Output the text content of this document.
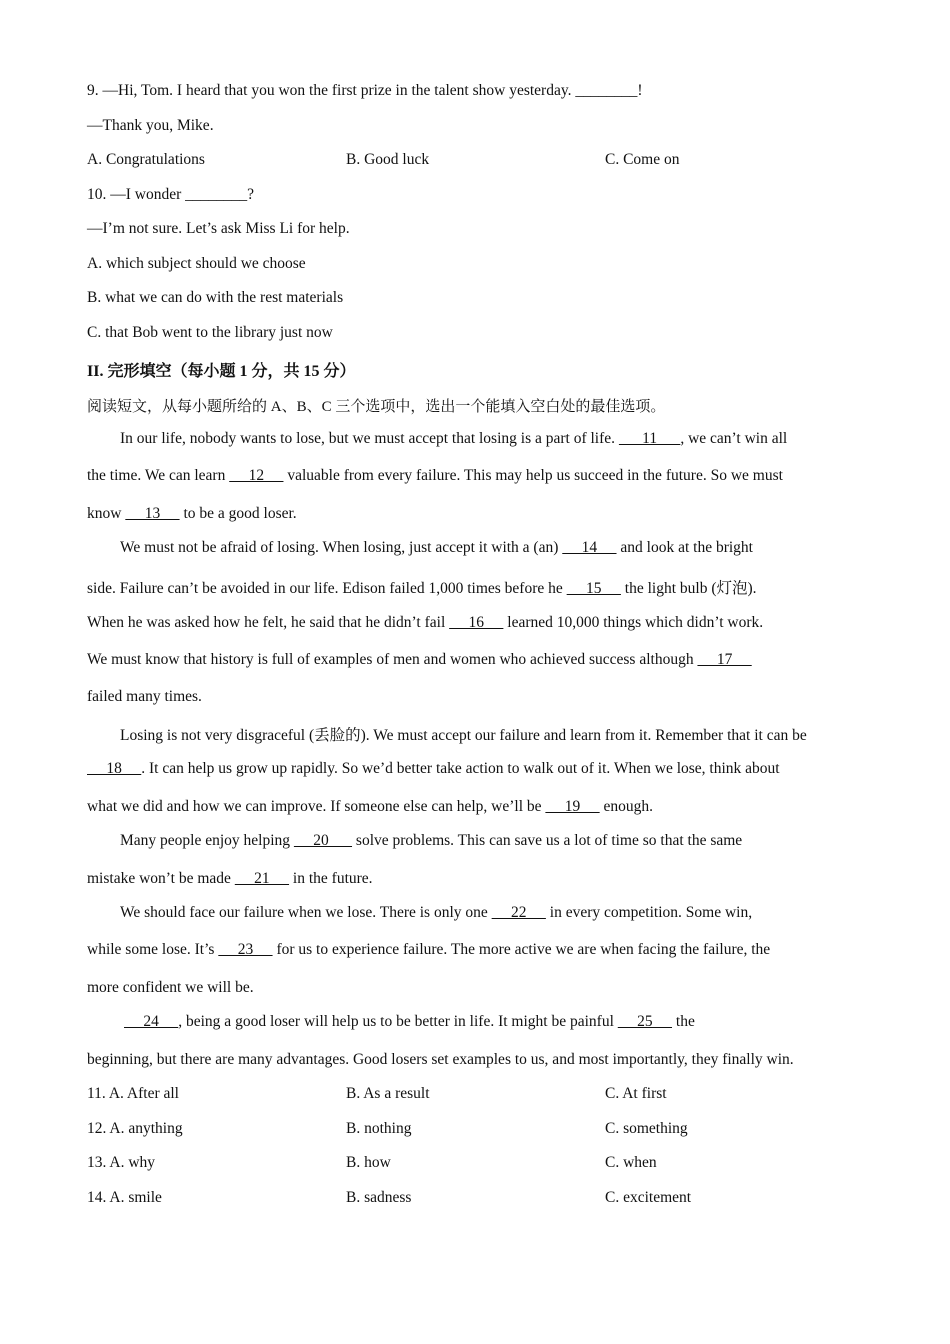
9. —Hi, Tom. I heard that you won the first prize in the talent show yesterday. ________!
—Thank you, Mike.
A. Congratulations	B. Good luck	C. Come on
10. —I wonder ________?
—I’m not sure. Let’s ask Miss Li for help.
A. which subject should we choose
B. what we can do with the rest materials
C. that Bob went to the library just now
II. 完形填空（每小题 1 分，共 15 分）
阅读短文，从每小题所给的 A、B、C 三个选项中，选出一个能填入空白处的最佳选项。
In our life, nobody wants to lose, but we must accept that losing is a part of life.       11      , we can’t win all
the time. We can learn      12      valuable from every failure. This may help us succeed in the future. So we must
know      13      to be a good loser.
We must not be afraid of losing. When losing, just accept it with a (an)      14      and look at the bright
side. Failure can’t be avoided in our life. Edison failed 1,000 times before he      15      the light bulb (灯泡).
When he was asked how he felt, he said that he didn’t fail      16      learned 10,000 things which didn’t work.
We must know that history is full of examples of men and women who achieved success although      17
failed many times.
Losing is not very disgraceful (丢脸的). We must accept our failure and learn from it. Remember that it can be
18     . It can help us grow up rapidly. So we’d better take action to walk out of it. When we lose, think about
what we did and how we can improve. If someone else can help, we’ll be      19      enough.
Many people enjoy helping      20       solve problems. This can save us a lot of time so that the same
mistake won’t be made      21      in the future.
We should face our failure when we lose. There is only one      22      in every competition. Some win,
while some lose. It’s      23      for us to experience failure. The more active we are when facing the failure, the
more confident we will be.
24     , being a good loser will help us to be better in life. It might be painful      25      the
beginning, but there are many advantages. Good losers set examples to us, and most importantly, they finally win.
11. A. After all	B. As a result	C. At first
12. A. anything	B. nothing	C. something
13. A. why	B. how	C. when
14. A. smile	B. sadness	C. excitement
